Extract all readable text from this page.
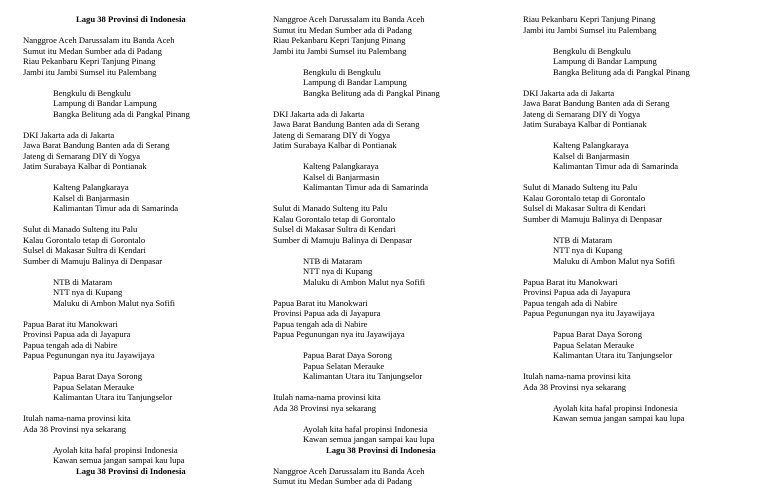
Lagu 38 Provinsi di Indonesia
Nanggroe Aceh Darussalam itu Banda Aceh
Sumut itu Medan Sumber ada di Padang
Riau Pekanbaru Kepri Tanjung Pinang
Jambi itu Jambi Sumsel itu Palembang
Bengkulu di Bengkulu
Lampung di Bandar Lampung
Bangka Belitung ada di Pangkal Pinang
DKI Jakarta ada di Jakarta
Jawa Barat Bandung Banten ada di Serang
Jateng di Semarang DIY di Yogya
Jatim Surabaya Kalbar di Pontianak
Kalteng Palangkaraya
Kalsel di Banjarmasin
Kalimantan Timur ada di Samarinda
Sulut di Manado Sulteng itu Palu
Kalau Gorontalo tetap di Gorontalo
Sulsel di Makasar Sultra di Kendari
Sumber di Mamuju Balinya di Denpasar
NTB di Mataram
NTT nya di Kupang
Maluku di Ambon Malut nya Sofifi
Papua Barat itu Manokwari
Provinsi Papua ada di Jayapura
Papua tengah ada di Nabire
Papua Pegunungan nya itu Jayawijaya
Papua Barat Daya Sorong
Papua Selatan Merauke
Kalimantan Utara itu Tanjungselor
Itulah nama-nama provinsi kita
Ada 38 Provinsi nya sekarang
Ayolah kita hafal propinsi Indonesia
Kawan semua jangan sampai kau lupa
Lagu 38 Provinsi di Indonesia
Nanggroe Aceh Darussalam itu Banda Aceh
Sumut itu Medan Sumber ada di Padang
Riau Pekanbaru Kepri Tanjung Pinang
Jambi itu Jambi Sumsel itu Palembang
Bengkulu di Bengkulu
Lampung di Bandar Lampung
Bangka Belitung ada di Pangkal Pinang
DKI Jakarta ada di Jakarta
Jawa Barat Bandung Banten ada di Serang
Jateng di Semarang DIY di Yogya
Jatim Surabaya Kalbar di Pontianak
Kalteng Palangkaraya
Kalsel di Banjarmasin
Kalimantan Timur ada di Samarinda
Sulut di Manado Sulteng itu Palu
Kalau Gorontalo tetap di Gorontalo
Sulsel di Makasar Sultra di Kendari
Sumber di Mamuju Balinya di Denpasar
NTB di Mataram
NTT nya di Kupang
Maluku di Ambon Malut nya Sofifi
Papua Barat itu Manokwari
Provinsi Papua ada di Jayapura
Papua tengah ada di Nabire
Papua Pegunungan nya itu Jayawijaya
Papua Barat Daya Sorong
Papua Selatan Merauke
Kalimantan Utara itu Tanjungselor
Itulah nama-nama provinsi kita
Ada 38 Provinsi nya sekarang
Ayolah kita hafal propinsi Indonesia
Kawan semua jangan sampai kau lupa
Lagu 38 Provinsi di Indonesia
Nanggroe Aceh Darussalam itu Banda Aceh
Sumut itu Medan Sumber ada di Padang
Riau Pekanbaru Kepri Tanjung Pinang
Jambi itu Jambi Sumsel itu Palembang
Bengkulu di Bengkulu
Lampung di Bandar Lampung
Bangka Belitung ada di Pangkal Pinang
DKI Jakarta ada di Jakarta
Jawa Barat Bandung Banten ada di Serang
Jateng di Semarang DIY di Yogya
Jatim Surabaya Kalbar di Pontianak
Kalteng Palangkaraya
Kalsel di Banjarmasin
Kalimantan Timur ada di Samarinda
Sulut di Manado Sulteng itu Palu
Kalau Gorontalo tetap di Gorontalo
Sulsel di Makasar Sultra di Kendari
Sumber di Mamuju Balinya di Denpasar
NTB di Mataram
NTT nya di Kupang
Maluku di Ambon Malut nya Sofifi
Papua Barat itu Manokwari
Provinsi Papua ada di Jayapura
Papua tengah ada di Nabire
Papua Pegunungan nya itu Jayawijaya
Papua Barat Daya Sorong
Papua Selatan Merauke
Kalimantan Utara itu Tanjungselor
Itulah nama-nama provinsi kita
Ada 38 Provinsi nya sekarang
Ayolah kita hafal propinsi Indonesia
Kawan semua jangan sampai kau lupa
